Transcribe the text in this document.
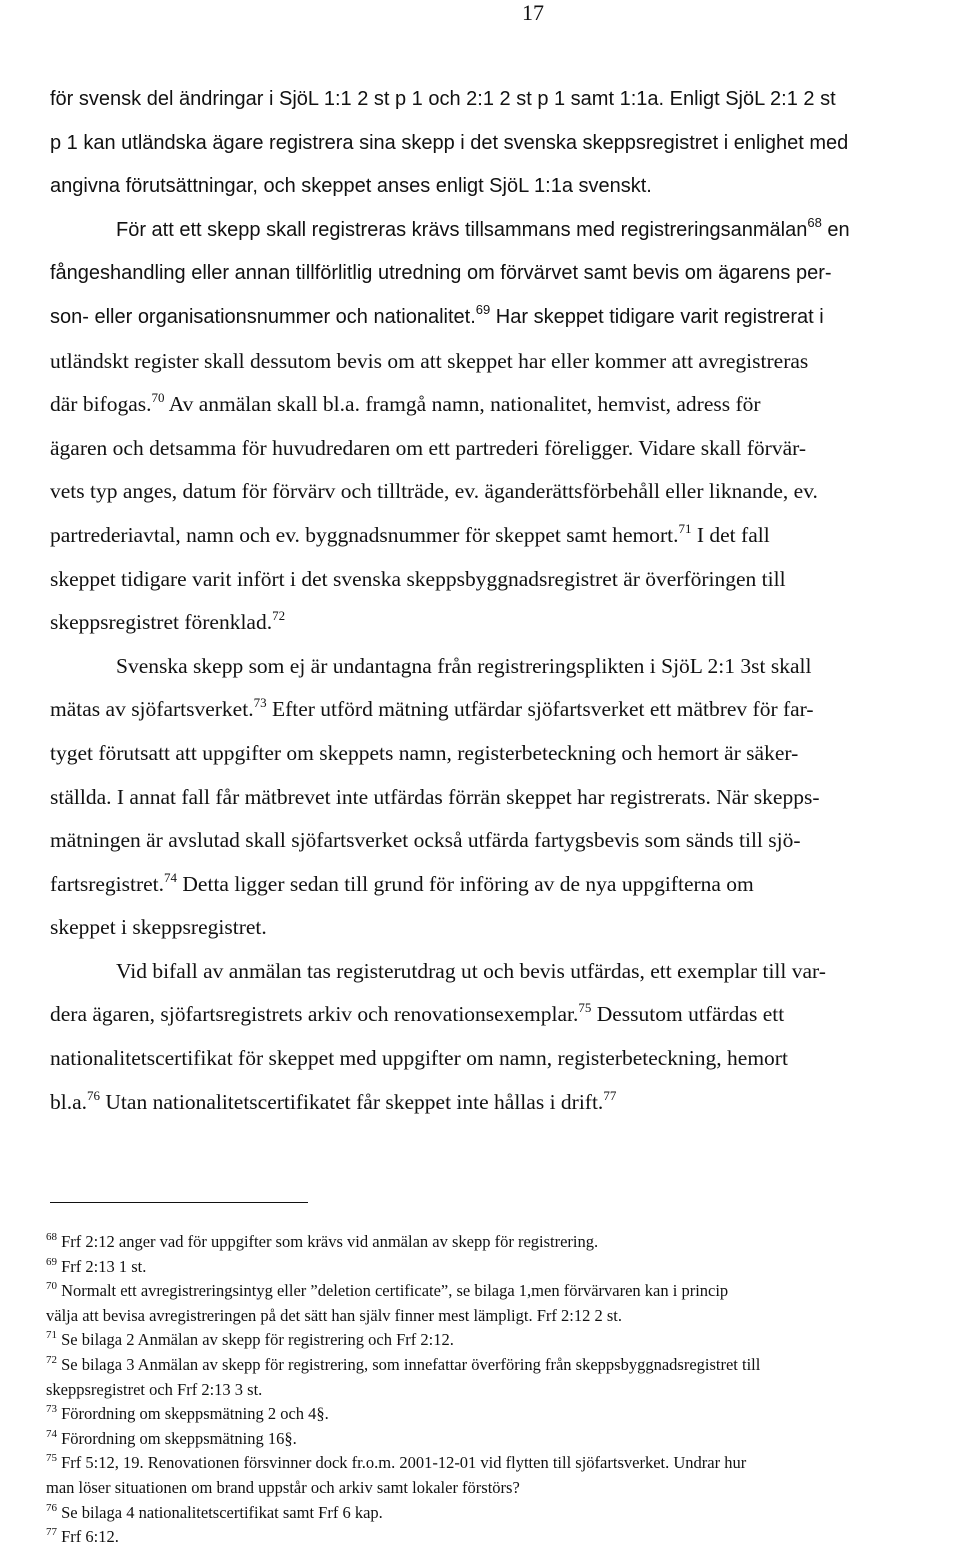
17
för svensk del ändringar i SjöL 1:1 2 st p 1 och 2:1 2 st p 1 samt 1:1a. Enligt SjöL 2:1 2 st
p 1 kan utländska ägare registrera sina skepp i det svenska skeppsregistret i enlighet med
angivna förutsättningar, och skeppet anses enligt SjöL 1:1a svenskt.
För att ett skepp skall registreras krävs tillsammans med registreringsanmälan$^{68}$ en
fångeshandling eller annan tillförlitlig utredning om förvärvet samt bevis om ägarens per-
son- eller organisationsnummer och nationalitet.$^{69}$ Har skeppet tidigare varit registrerat i
utländskt register skall dessutom bevis om att skeppet har eller kommer att avregistreras
där bifogas.$^{70}$ Av anmälan skall bl.a. framgå namn, nationalitet, hemvist, adress för
ägaren och detsamma för huvudredaren om ett partrederi föreligger. Vidare skall förvär-
vets typ anges, datum för förvärv och tillträde, ev. äganderättsförbehåll eller liknande, ev.
partrederiavtal, namn och ev. byggnadsnummer för skeppet samt hemort.$^{71}$ I det fall
skeppet tidigare varit infört i det svenska skeppsbyggnadsregistret är överföringen till
skeppsregistret förenklad.$^{72}$
Svenska skepp som ej är undantagna från registreringsplikten i SjöL 2:1 3st skall
mätas av sjöfartsverket.$^{73}$ Efter utförd mätning utfärdar sjöfartsverket ett mätbrev för far-
tyget förutsatt att uppgifter om skeppets namn, registerbeteckning och hemort är säker-
ställda. I annat fall får mätbrevet inte utfärdas förrän skeppet har registrerats. När skepps-
mätningen är avslutad skall sjöfartsverket också utfärda fartygsbevis som sänds till sjö-
fartsregistret.$^{74}$ Detta ligger sedan till grund för införing av de nya uppgifterna om
skeppet i skeppsregistret.
Vid bifall av anmälan tas registerutdrag ut och bevis utfärdas, ett exemplar till var-
dera ägaren, sjöfartsregistrets arkiv och renovationsexemplar.$^{75}$ Dessutom utfärdas ett
nationalitetscertifikat för skeppet med uppgifter om namn, registerbeteckning, hemort
bl.a.$^{76}$ Utan nationalitetscertifikatet får skeppet inte hållas i drift.$^{77}$
$^{68}$ Frf 2:12 anger vad för uppgifter som krävs vid anmälan av skepp för registrering.
$^{69}$ Frf 2:13 1 st.
$^{70}$ Normalt ett avregistreringsintyg eller ”deletion certificate”, se bilaga 1,men förvärvaren kan i princip
välja att bevisa avregistreringen på det sätt han själv finner mest lämpligt. Frf 2:12 2 st.
$^{71}$ Se bilaga 2 Anmälan av skepp för registrering och Frf 2:12.
$^{72}$ Se bilaga 3 Anmälan av skepp för registrering, som innefattar överföring från skeppsbyggnadsregistret till
skeppsregistret och Frf 2:13 3 st.
$^{73}$ Förordning om skeppsmätning 2 och 4§.
$^{74}$ Förordning om skeppsmätning 16§.
$^{75}$ Frf 5:12, 19. Renovationen försvinner dock fr.o.m. 2001-12-01 vid flytten till sjöfartsverket. Undrar hur
man löser situationen om brand uppstår och arkiv samt lokaler förstörs?
$^{76}$ Se bilaga 4 nationalitetscertifikat samt Frf 6 kap.
$^{77}$ Frf 6:12.
